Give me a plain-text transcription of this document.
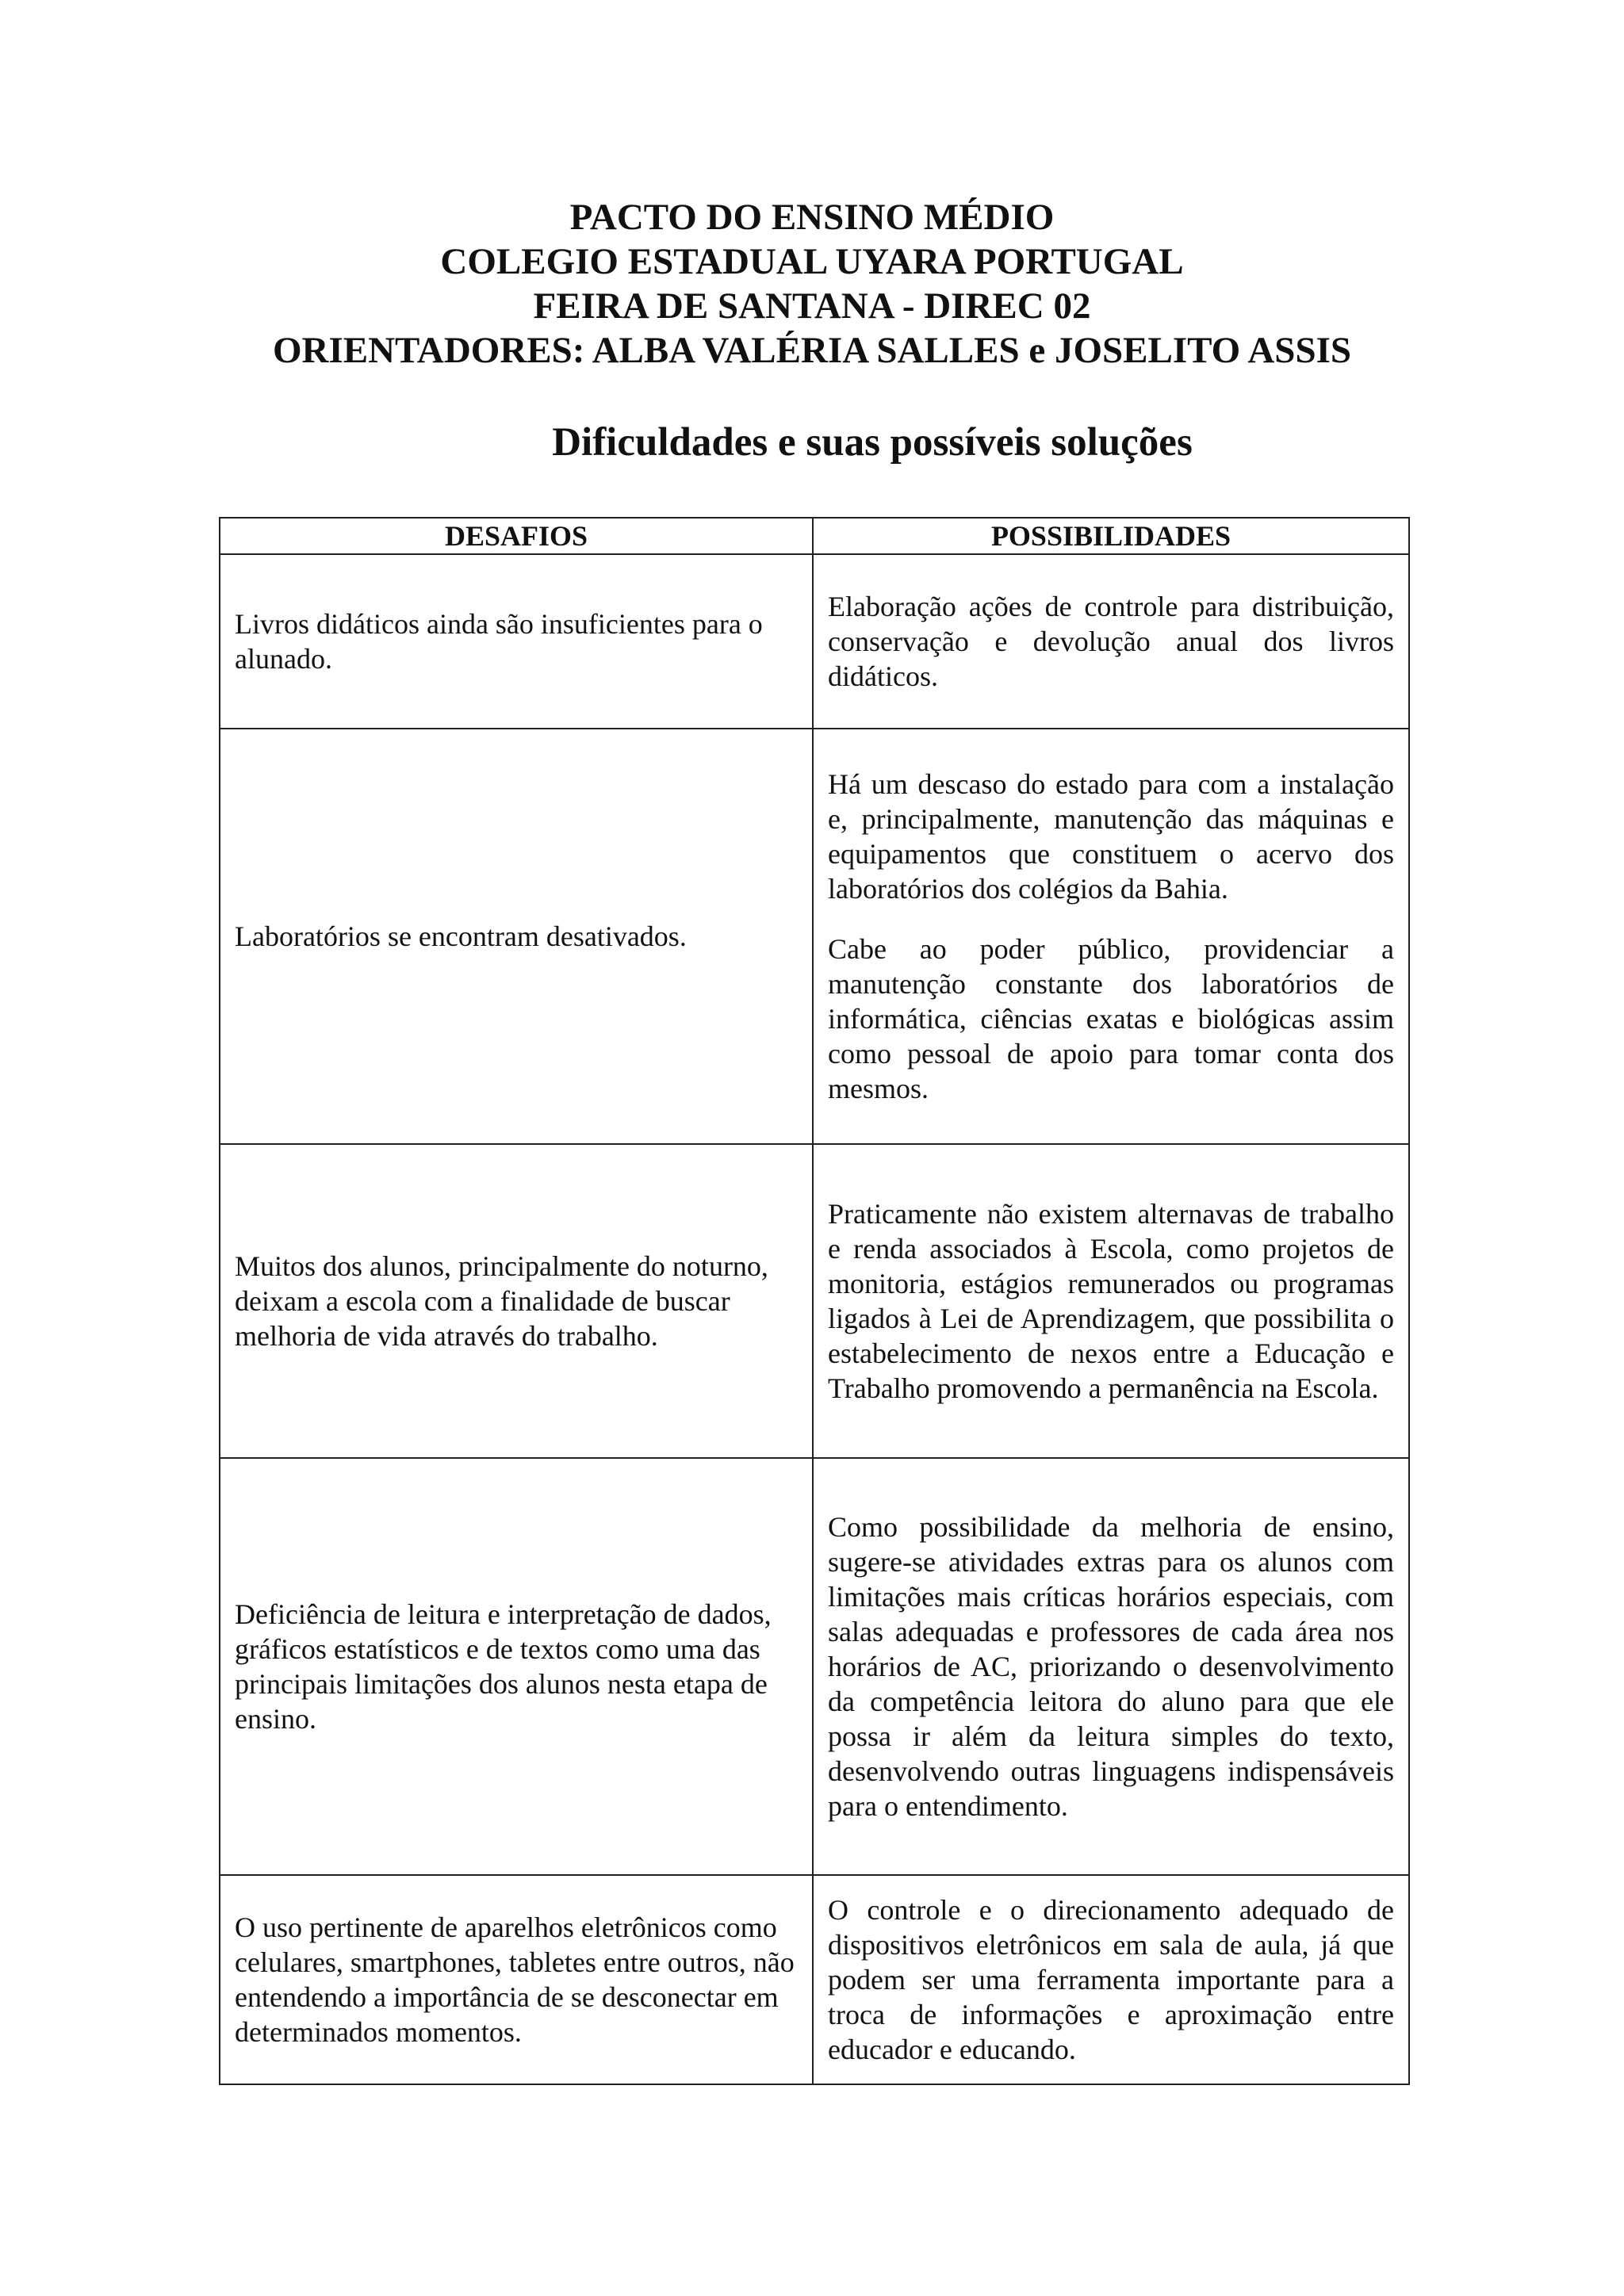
PACTO DO ENSINO MÉDIO
COLEGIO ESTADUAL UYARA PORTUGAL
FEIRA DE SANTANA - DIREC 02
ORIENTADORES: ALBA VALÉRIA SALLES e JOSELITO ASSIS
Dificuldades e suas possíveis soluções
DESAFIOS	POSSIBILIDADES

Livros didáticos ainda são insuficientes para o alunado.	Elaboração ações de controle para distribuição, conservação e devolução anual dos livros didáticos.

Laboratórios se encontram desativados.	Há um descaso do estado para com a instalação e, principalmente, manutenção das máquinas e equipamentos que constituem o acervo dos laboratórios dos colégios da Bahia.

Cabe ao poder público, providenciar a manutenção constante dos laboratórios de informática, ciências exatas e biológicas assim como pessoal de apoio para tomar conta dos mesmos.

Muitos dos alunos, principalmente do noturno, deixam a escola com a finalidade de buscar melhoria de vida através do trabalho.	Praticamente não existem alternavas de trabalho e renda associados à Escola, como projetos de monitoria, estágios remunerados ou programas ligados à Lei de Aprendizagem, que possibilita o estabelecimento de nexos entre a Educação e Trabalho promovendo a permanência na Escola.

Deficiência de leitura e interpretação de dados, gráficos estatísticos e de textos como uma das principais limitações dos alunos nesta etapa de ensino.	Como possibilidade da melhoria de ensino, sugere-se atividades extras para os alunos com limitações mais críticas horários especiais, com salas adequadas e professores de cada área nos horários de AC, priorizando o desenvolvimento da competência leitora do aluno para que ele possa ir além da leitura simples do texto, desenvolvendo outras linguagens indispensáveis para o entendimento.

O uso pertinente de aparelhos eletrônicos como celulares, smartphones, tabletes entre outros, não entendendo a importância de se desconectar em determinados momentos.	O controle e o direcionamento adequado de dispositivos eletrônicos em sala de aula, já que podem ser uma ferramenta importante para a troca de informações e aproximação entre educador e educando.
